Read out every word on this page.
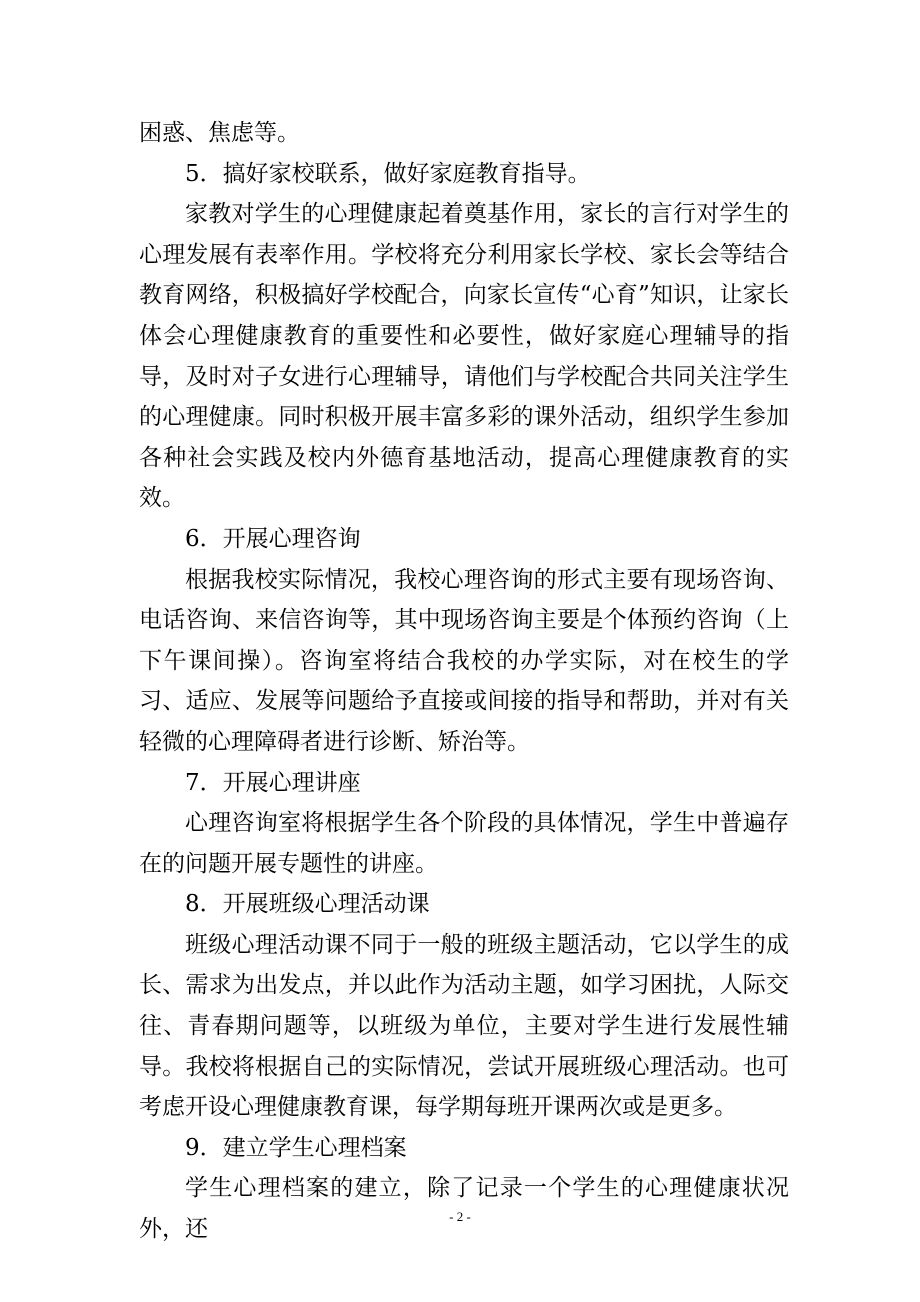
困惑、焦虑等。

5．搞好家校联系，做好家庭教育指导。

家教对学生的心理健康起着奠基作用，家长的言行对学生的心理发展有表率作用。学校将充分利用家长学校、家长会等结合教育网络，积极搞好学校配合，向家长宣传“心育”知识，让家长体会心理健康教育的重要性和必要性，做好家庭心理辅导的指导，及时对子女进行心理辅导，请他们与学校配合共同关注学生的心理健康。同时积极开展丰富多彩的课外活动，组织学生参加各种社会实践及校内外德育基地活动，提高心理健康教育的实效。

6．开展心理咨询

根据我校实际情况，我校心理咨询的形式主要有现场咨询、电话咨询、来信咨询等，其中现场咨询主要是个体预约咨询（上下午课间操）。咨询室将结合我校的办学实际，对在校生的学习、适应、发展等问题给予直接或间接的指导和帮助，并对有关轻微的心理障碍者进行诊断、矫治等。

7．开展心理讲座

心理咨询室将根据学生各个阶段的具体情况，学生中普遍存在的问题开展专题性的讲座。

8．开展班级心理活动课

班级心理活动课不同于一般的班级主题活动，它以学生的成长、需求为出发点，并以此作为活动主题，如学习困扰，人际交往、青春期问题等，以班级为单位，主要对学生进行发展性辅导。我校将根据自己的实际情况，尝试开展班级心理活动。也可考虑开设心理健康教育课，每学期每班开课两次或是更多。

9．建立学生心理档案

学生心理档案的建立，除了记录一个学生的心理健康状况外，还	- 2 -
